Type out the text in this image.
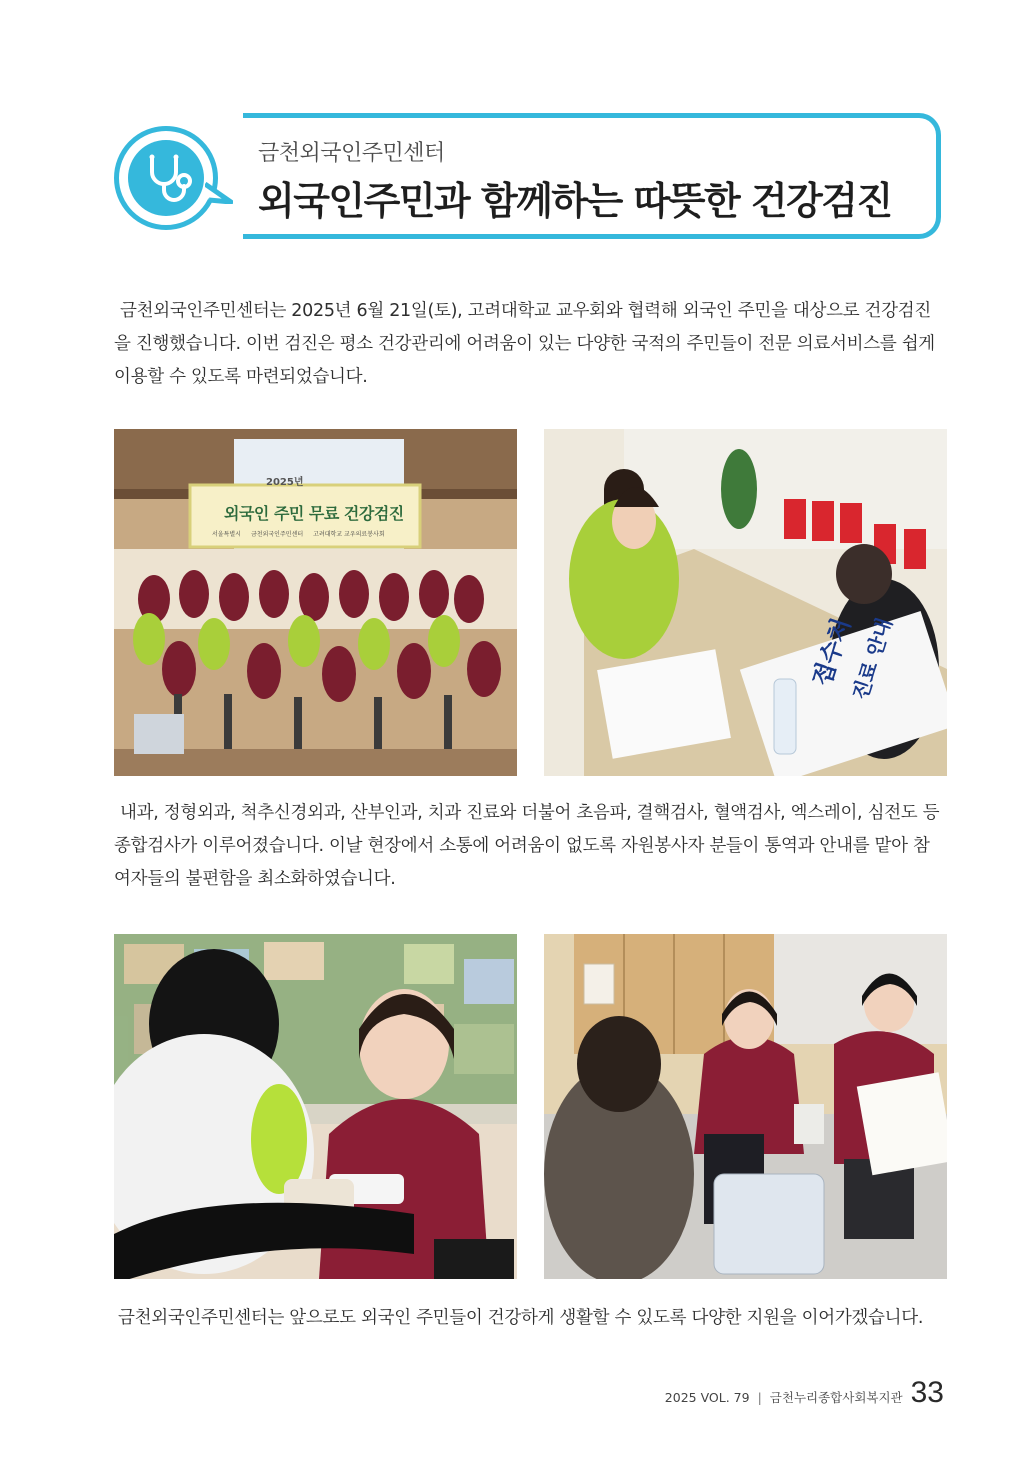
금천외국인주민센터
외국인주민과 함께하는 따뜻한 건강검진

금천외국인주민센터는 2025년 6월 21일(토), 고려대학교 교우회와 협력해 외국인 주민을 대상으로 건강검진을 진행했습니다. 이번 검진은 평소 건강관리에 어려움이 있는 다양한 국적의 주민들이 전문 의료서비스를 쉽게 이용할 수 있도록 마련되었습니다.

2025년
외국인 주민 무료 건강검진
서울특별시 금천외국인주민센터 고려대학교 교우의료봉사회
접수처
진료 안내

내과, 정형외과, 척추신경외과, 산부인과, 치과 진료와 더불어 초음파, 결핵검사, 혈액검사, 엑스레이, 심전도 등 종합검사가 이루어졌습니다. 이날 현장에서 소통에 어려움이 없도록 자원봉사자 분들이 통역과 안내를 맡아 참여자들의 불편함을 최소화하였습니다.

금천외국인주민센터는 앞으로도 외국인 주민들이 건강하게 생활할 수 있도록 다양한 지원을 이어가겠습니다.

2025 VOL. 79 | 금천누리종합사회복지관 33
